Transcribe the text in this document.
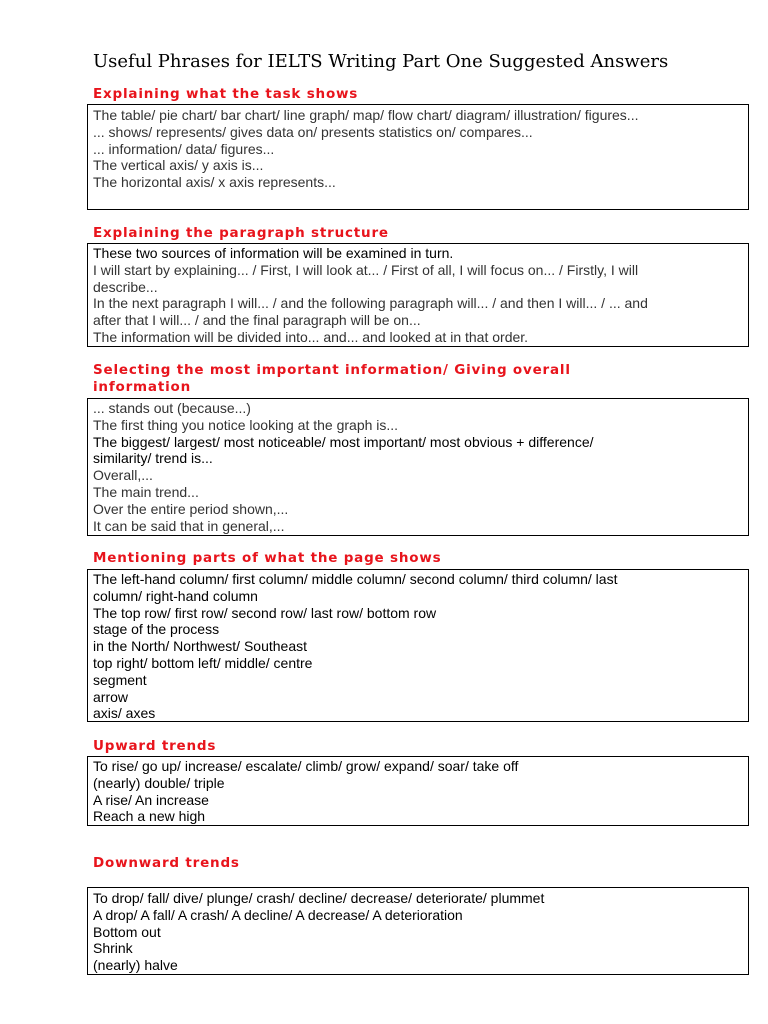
Useful Phrases for IELTS Writing Part One Suggested Answers
Explaining what the task shows

The table/ pie chart/ bar chart/ line graph/ map/ flow chart/ diagram/ illustration/ figures...

... shows/ represents/ gives data on/ presents statistics on/ compares...

... information/ data/ figures...

The vertical axis/ y axis is...

The horizontal axis/ x axis represents...

Explaining the paragraph structure

These two sources of information will be examined in turn.

I will start by explaining... / First, I will look at... / First of all, I will focus on... / Firstly, I will

describe...

In the next paragraph I will... / and the following paragraph will... / and then I will... / ... and

after that I will... / and the final paragraph will be on...

The information will be divided into... and... and looked at in that order.

Selecting the most important information/ Giving overall
information

... stands out (because...)

The first thing you notice looking at the graph is...

The biggest/ largest/ most noticeable/ most important/ most obvious + difference/

similarity/ trend is...

Overall,...

The main trend...

Over the entire period shown,...

It can be said that in general,...

Mentioning parts of what the page shows

The left-hand column/ first column/ middle column/ second column/ third column/ last

column/ right-hand column

The top row/ first row/ second row/ last row/ bottom row

stage of the process

in the North/ Northwest/ Southeast

top right/ bottom left/ middle/ centre

segment

arrow

axis/ axes

Upward trends

To rise/ go up/ increase/ escalate/ climb/ grow/ expand/ soar/ take off

(nearly) double/ triple

A rise/ An increase

Reach a new high

Downward trends

To drop/ fall/ dive/ plunge/ crash/ decline/ decrease/ deteriorate/ plummet

A drop/ A fall/ A crash/ A decline/ A decrease/ A deterioration

Bottom out

Shrink

(nearly) halve
